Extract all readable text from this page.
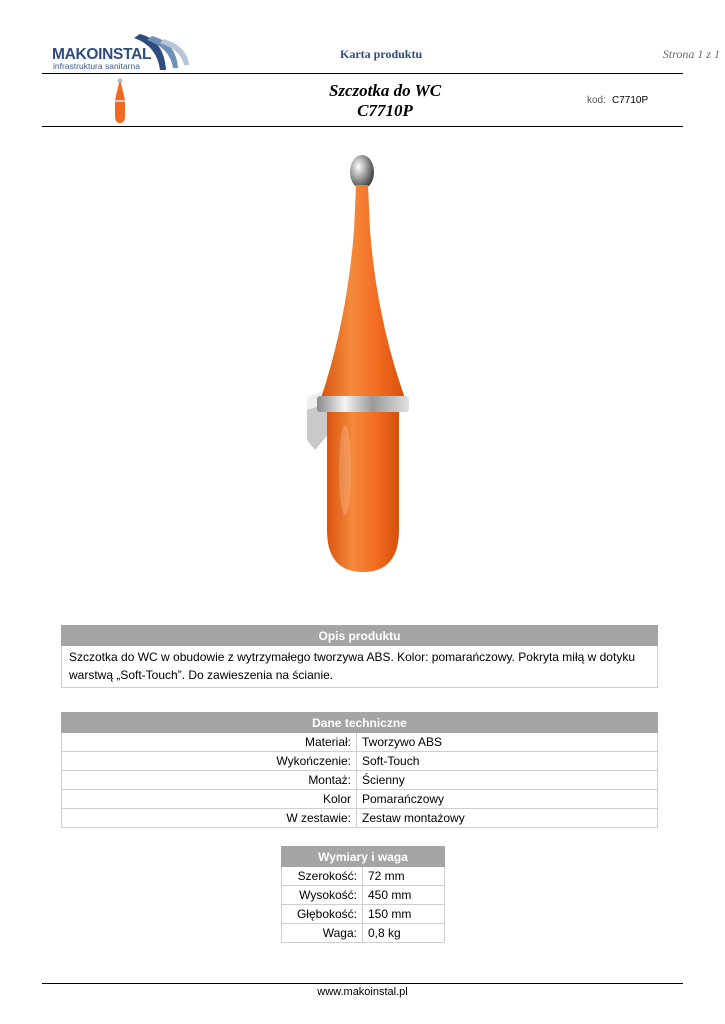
MAKOINSTAL
infrastruktura sanitarna
Karta produktu	Strona 1 z 1
Szczotka do WC
C7710P
kod: C7710P
Opis produktu
Szczotka do WC w obudowie z wytrzymałego tworzywa ABS. Kolor: pomarańczowy. Pokryta miłą w dotyku warstwą „Soft-Touch”. Do zawieszenia na ścianie.
Dane techniczne	
Materiał:	Tworzywo ABS
Wykończenie:	Soft-Touch
Montaż:	Ścienny
Kolor	Pomarańczowy
W zestawie:	Zestaw montażowy
Wymiary i waga	
Szerokość:	72 mm
Wysokość:	450 mm
Głębokość:	150 mm
Waga:	0,8 kg
www.makoinstal.pl
